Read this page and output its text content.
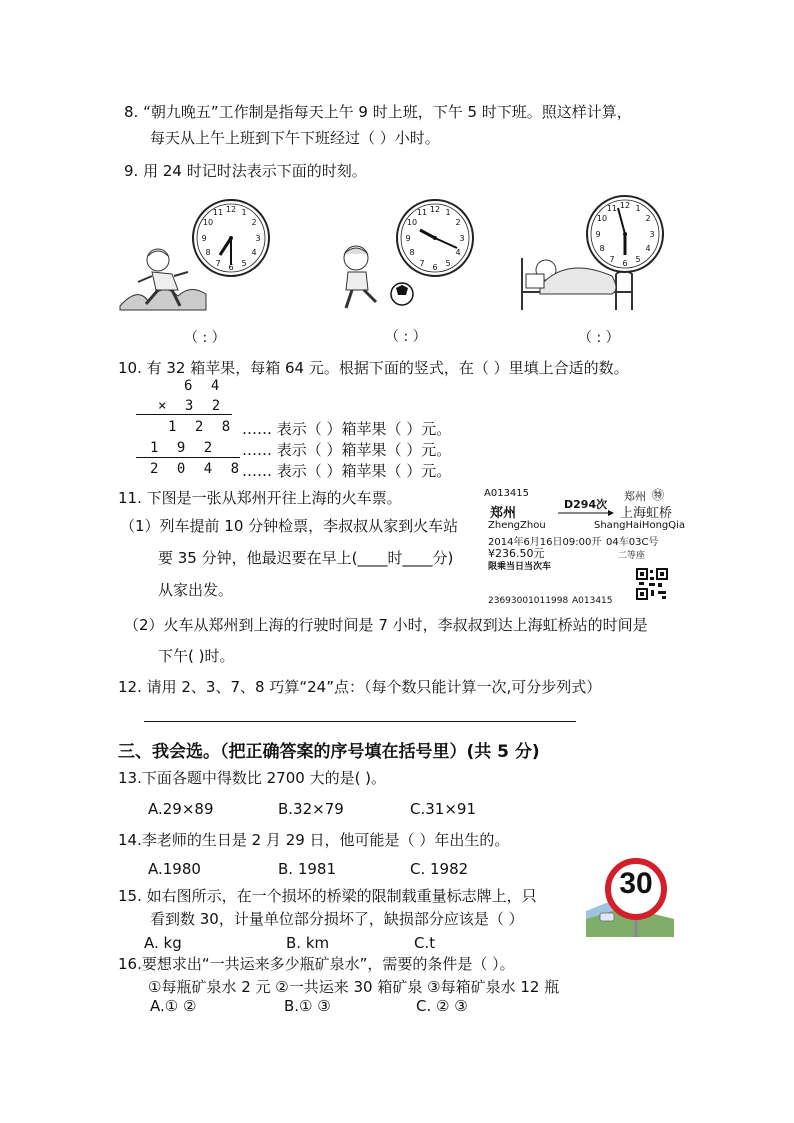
8. “朝九晚五”工作制是指每天上午 9 时上班，下午 5 时下班。照这样计算，
每天从上午上班到下午下班经过（ ）小时。
9. 用 24 时记时法表示下面的时刻。
12 1
2
3
4
5
6
7
8
9
10
11	12 1
2
3
4
5
6
7
8
9
10
11
12 1
2
3
4
5
6
7
8
9
10
11
（ : ）	（ : ）	（ : ）
10. 有 32 箱苹果，每箱 64 元。根据下面的竖式，在（ ）里填上合适的数。
6 4
× 3 2
1 2 8
1 9 2
2 0 4 8
…… 表示（ ）箱苹果（ ）元。
…… 表示（ ）箱苹果（ ）元。
…… 表示（ ）箱苹果（ ）元。
11. 下图是一张从郑州开往上海的火车票。
（1）列车提前 10 分钟检票，李叔叔从家到火车站
要 35 分钟，他最迟要在早上(____时____分)
从家出发。
A013415
D294次
郑州 ㊕
郑州	上海虹桥
ZhengZhou	ShangHaiHongQia
2014年6月16日09:00开 04车03C号
¥236.50元	二等座
限乘当日当次车
23693001011998 A013415
（2）火车从郑州到上海的行驶时间是 7 小时，李叔叔到达上海虹桥站的时间是
下午( )时。
12. 请用 2、3、7、8 巧算“24”点：（每个数只能计算一次,可分步列式）
三、我会选。（把正确答案的序号填在括号里）(共 5 分)
13.下面各题中得数比 2700 大的是( )。
A.29×89	B.32×79	C.31×91
14.李老师的生日是 2 月 29 日，他可能是（ ）年出生的。
A.1980	B. 1981	C. 1982
15. 如右图所示，在一个损坏的桥梁的限制载重量标志牌上，只
看到数 30，计量单位部分损坏了，缺损部分应该是（ ）
A. kg	B. km	C.t
30
16.要想求出“一共运来多少瓶矿泉水”，需要的条件是（ ）。
①每瓶矿泉水 2 元 ②一共运来 30 箱矿泉 ③每箱矿泉水 12 瓶
A.① ②	B.① ③	C. ② ③
